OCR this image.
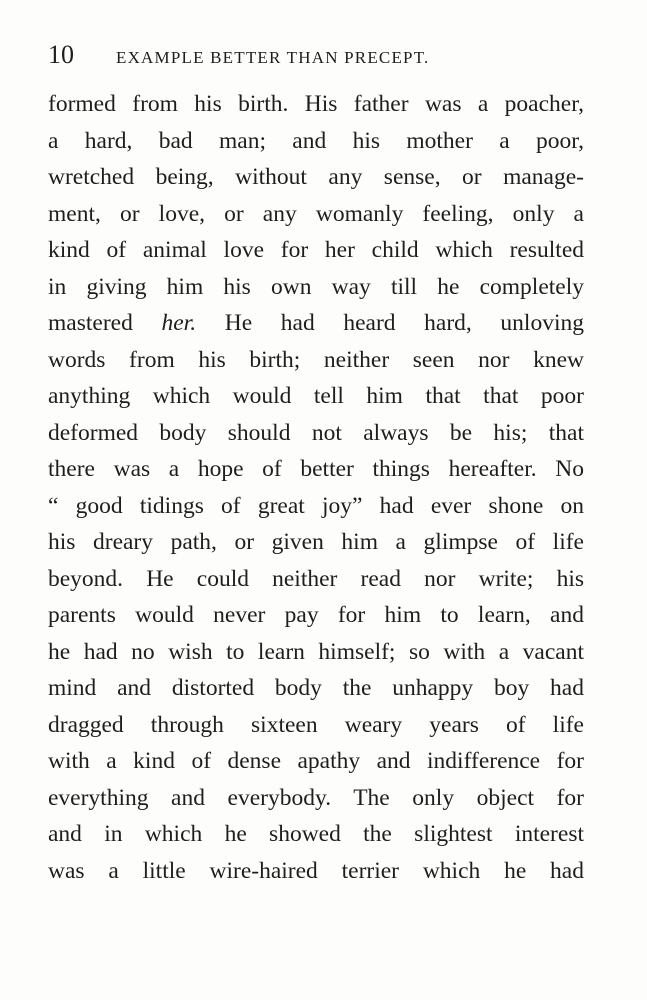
10	EXAMPLE BETTER THAN PRECEPT.
formed from his birth. His father was a poacher,
a hard, bad man; and his mother a poor,
wretched being, without any sense, or manage-
ment, or love, or any womanly feeling, only a
kind of animal love for her child which resulted
in giving him his own way till he completely
mastered her. He had heard hard, unloving
words from his birth; neither seen nor knew
anything which would tell him that that poor
deformed body should not always be his; that
there was a hope of better things hereafter. No
“ good tidings of great joy” had ever shone on
his dreary path, or given him a glimpse of life
beyond. He could neither read nor write; his
parents would never pay for him to learn, and
he had no wish to learn himself; so with a vacant
mind and distorted body the unhappy boy had
dragged through sixteen weary years of life
with a kind of dense apathy and indifference for
everything and everybody. The only object for
and in which he showed the slightest interest
was a little wire-haired terrier which he had
